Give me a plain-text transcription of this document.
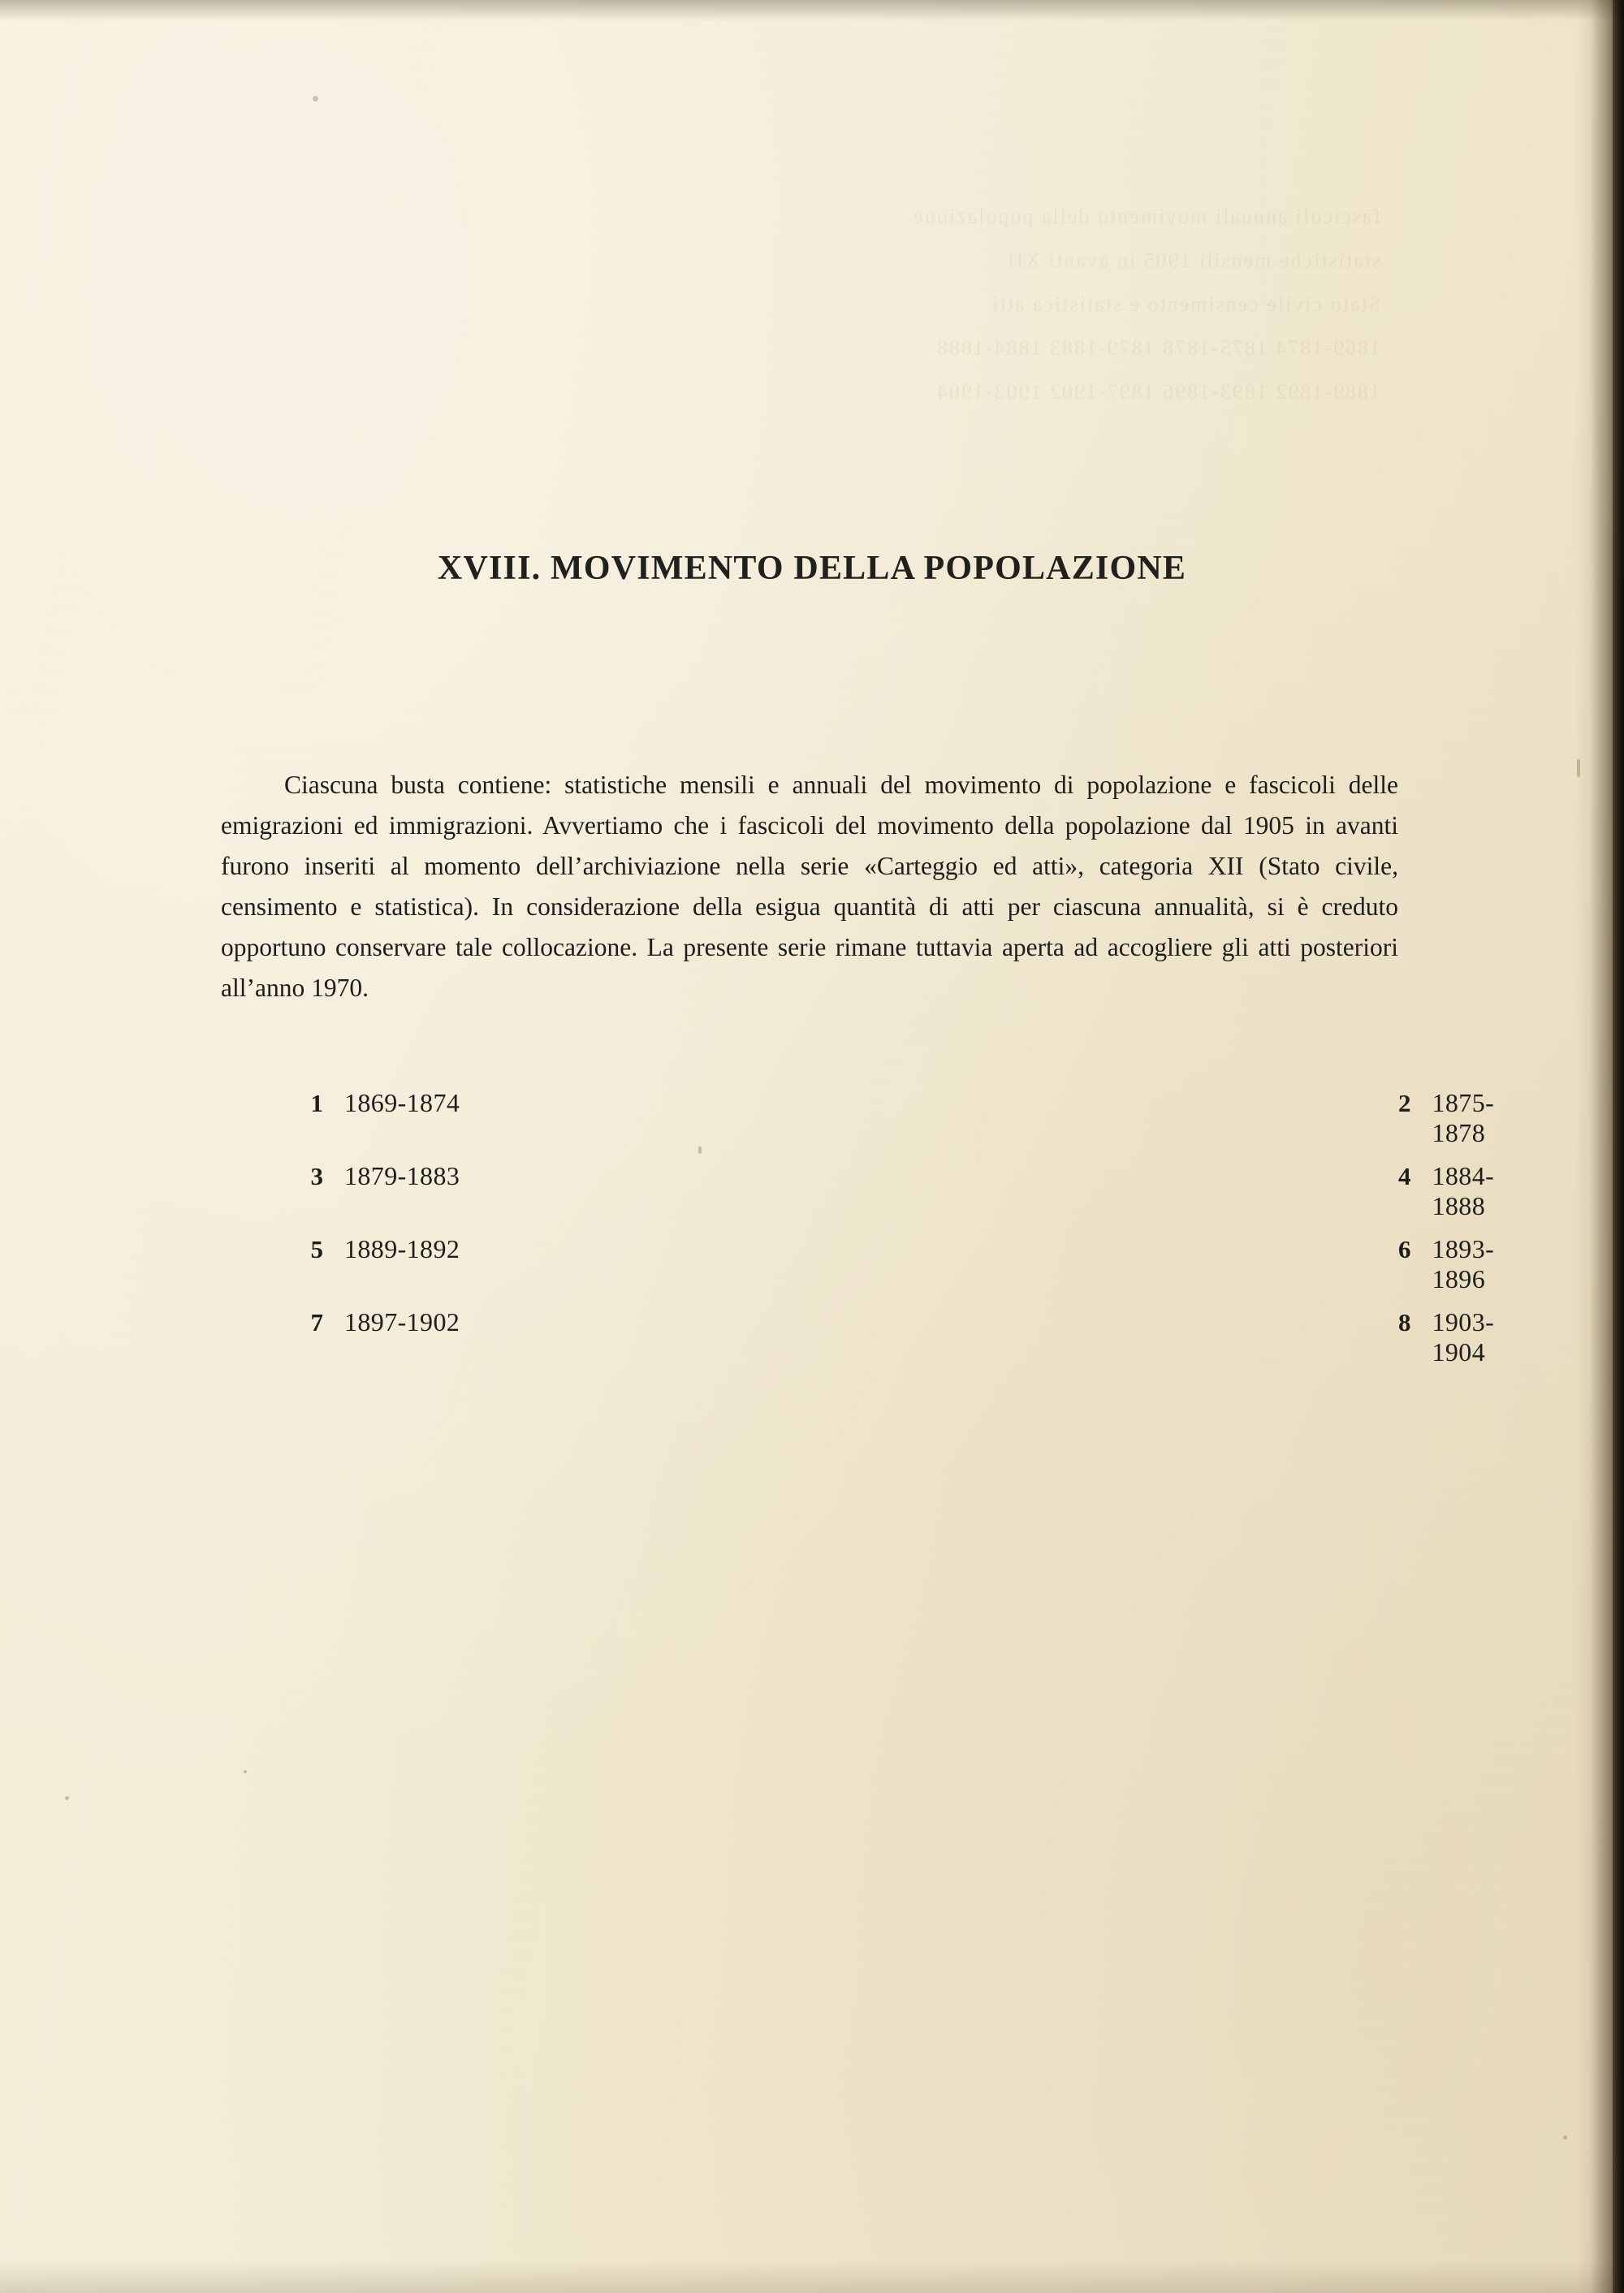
fascicoli annuali movimento della popolazione
statistiche mensili 1905 in avanti XII
Stato civile censimento e statistica atti
1869-1874 1875-1878 1879-1883 1884-1888
1889-1892 1893-1896 1897-1902 1903-1904
XVIII. MOVIMENTO DELLA POPOLAZIONE

Ciascuna busta contiene: statistiche mensili e annuali del movimento di popolazione e fascicoli delle emigrazioni ed immigrazioni. Avvertiamo che i fascicoli del movimento della popolazione dal 1905 in avanti furono inseriti al momento dell’archiviazione nella serie «Carteggio ed atti», categoria XII (Stato civile, censimento e statistica). In considerazione della esigua quantità di atti per ciascuna annualità, si è creduto opportuno conservare tale collocazione. La presente serie rimane tuttavia aperta ad accogliere gli atti posteriori all’anno 1970.

1 1869-1874	2 1875-1878
3 1879-1883	4 1884-1888
5 1889-1892	6 1893-1896
7 1897-1902	8 1903-1904
